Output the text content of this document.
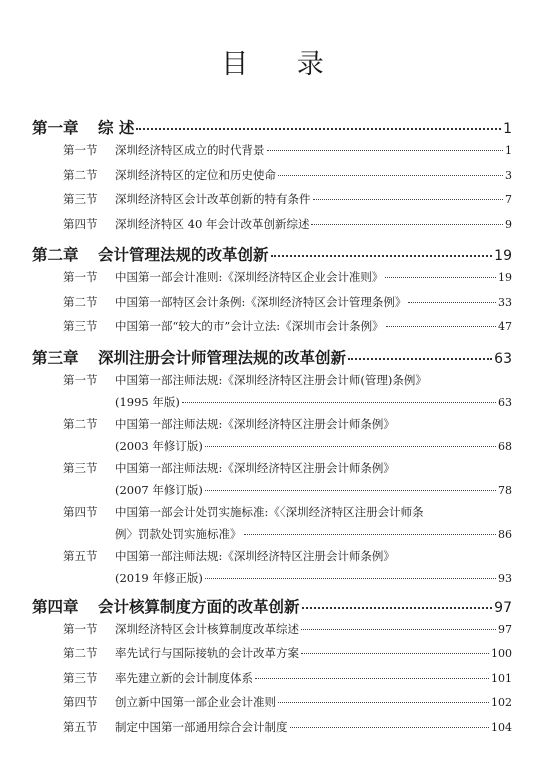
目 录
第一章	综 述	1
第一节	深圳经济特区成立的时代背景	1
第二节	深圳经济特区的定位和历史使命	3
第三节	深圳经济特区会计改革创新的特有条件	7
第四节	深圳经济特区 40 年会计改革创新综述	9
第二章	会计管理法规的改革创新	19
第一节	中国第一部会计准则:《深圳经济特区企业会计准则》	19
第二节	中国第一部特区会计条例:《深圳经济特区会计管理条例》	33
第三节	中国第一部“较大的市”会计立法:《深圳市会计条例》	47
第三章	深圳注册会计师管理法规的改革创新	63
第一节	中国第一部注师法规:《深圳经济特区注册会计师(管理)条例》
(1995 年版)	63
第二节	中国第一部注师法规:《深圳经济特区注册会计师条例》
(2003 年修订版)	68
第三节	中国第一部注师法规:《深圳经济特区注册会计师条例》
(2007 年修订版)	78
第四节	中国第一部会计处罚实施标准:《〈深圳经济特区注册会计师条
例〉罚款处罚实施标准》	86
第五节	中国第一部注师法规:《深圳经济特区注册会计师条例》
(2019 年修正版)	93
第四章	会计核算制度方面的改革创新	97
第一节	深圳经济特区会计核算制度改革综述	97
第二节	率先试行与国际接轨的会计改革方案	100
第三节	率先建立新的会计制度体系	101
第四节	创立新中国第一部企业会计准则	102
第五节	制定中国第一部通用综合会计制度	104
